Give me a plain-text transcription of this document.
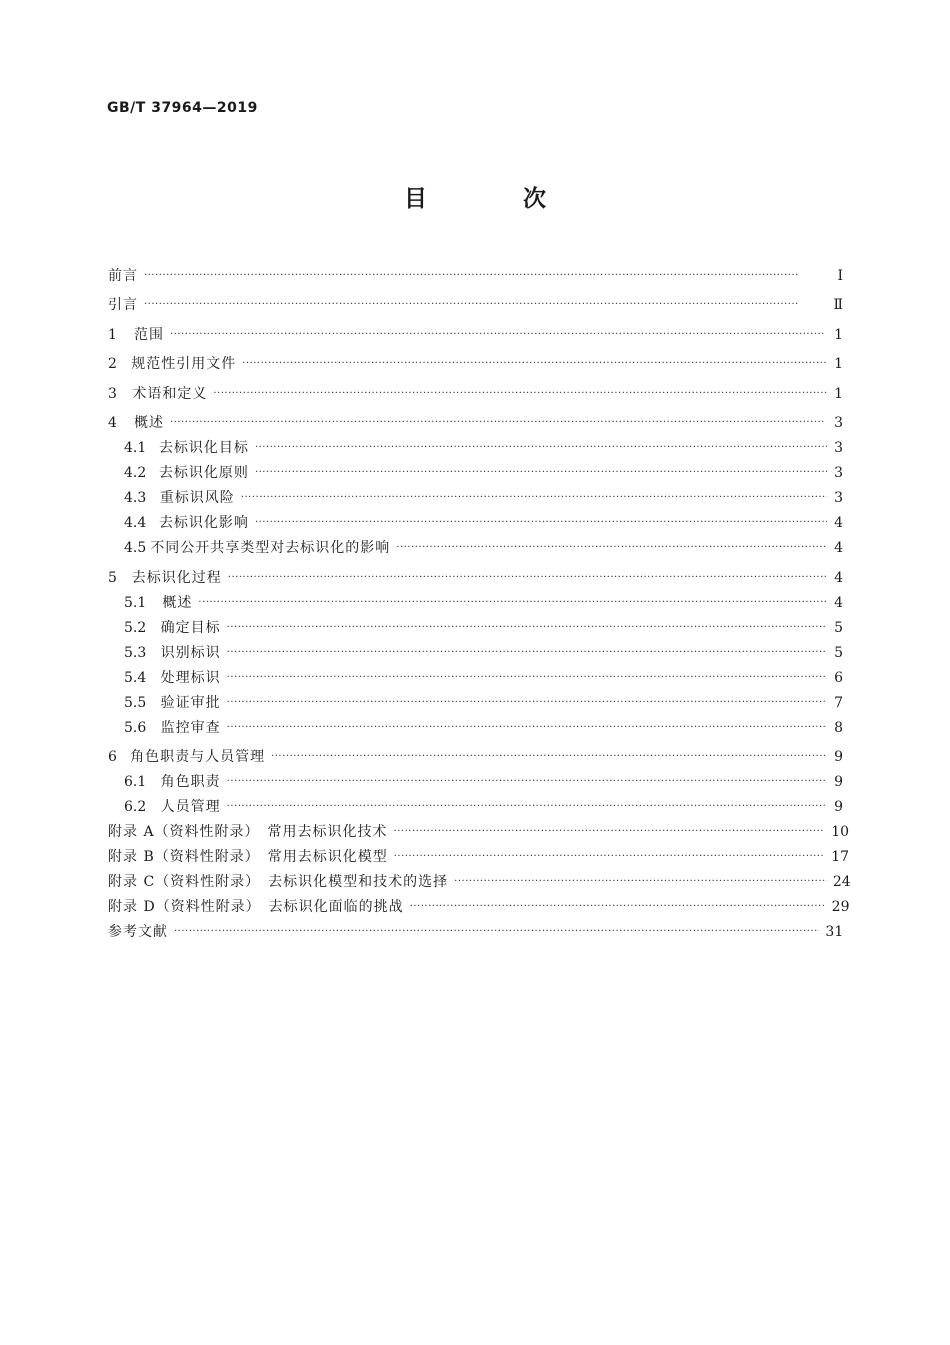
GB/T 37964—2019
目 次
前言 ·····	Ⅰ
引言 ·····	Ⅱ
1	范围 ·····	1
2	规范性引用文件 ·····	1
3	术语和定义 ·····	1
4	概述 ·····	3
4.1 去标识化目标 ·····	3
4.2 去标识化原则 ·····	3
4.3 重标识风险 ·····	3
4.4 去标识化影响 ·····	4
4.5 不同公开共享类型对去标识化的影响 ·····	4
5	去标识化过程 ·····	4
5.1	概述 ·····	4
5.2	确定目标 ·····	5
5.3	识别标识 ·····	5
5.4	处理标识 ·····	6
5.5	验证审批 ·····	7
5.6	监控审查 ·····	8
6 角色职责与人员管理 ·····	9
6.1	角色职责 ·····	9
6.2	人员管理 ·····	9
附录 A（资料性附录）　常用去标识化技术 ·····	10
附录 B（资料性附录）　常用去标识化模型 ·····	17
附录 C（资料性附录）　去标识化模型和技术的选择 ·····	24
附录 D（资料性附录）　去标识化面临的挑战 ·····	29
参考文献 ·····	31
